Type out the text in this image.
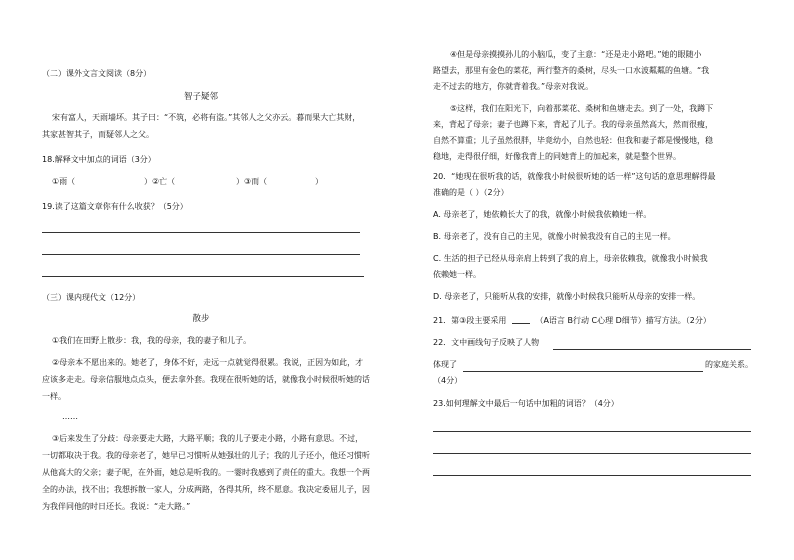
（二）课外文言文阅读（8分）
智子疑邻
宋有富人，天雨墙坏。其子曰：“不筑，必将有盗。”其邻人之父亦云。暮而果大亡其财，
其家甚智其子，而疑邻人之父。
18.解释文中加点的词语（3分）
①雨（	）②亡（	）③而（	）
19.读了这篇文章你有什么收获？（5分）
（三）课内现代文（12分）
散步
①我们在田野上散步：我，我的母亲，我的妻子和儿子。
②母亲本不愿出来的。她老了，身体不好，走远一点就觉得很累。我说，正因为如此，才
应该多走走。母亲信服地点点头，便去拿外套。我现在很听她的话，就像我小时候很听她的话
一样。
……
③后来发生了分歧：母亲要走大路，大路平顺；我的儿子要走小路，小路有意思。不过，
一切都取决于我。我的母亲老了，她早已习惯听从她强壮的儿子；我的儿子还小，他还习惯听
从他高大的父亲；妻子呢，在外面，她总是听我的。一霎时我感到了责任的重大。我想一个两
全的办法，找不出；我想拆散一家人，分成两路，各得其所，终不愿意。我决定委屈儿子，因
为我伴同他的时日还长。我说：“走大路。”
④但是母亲摸摸孙儿的小脑瓜，变了主意：“还是走小路吧。”她的眼随小
路望去，那里有金色的菜花，两行整齐的桑树，尽头一口水波粼粼的鱼塘。“我
走不过去的地方，你就背着我。”母亲对我说。
⑤这样，我们在阳光下，向着那菜花、桑树和鱼塘走去。到了一处，我蹲下
来，背起了母亲；妻子也蹲下来，背起了儿子。我的母亲虽然高大，然而很瘦，
自然不算重；儿子虽然很胖，毕竟幼小，自然也轻：但我和妻子都是慢慢地，稳
稳地，走得很仔细，好像我背上的同她背上的加起来，就是整个世界。
20．“她现在很听我的话，就像我小时候很听她的话一样”这句话的意思理解得最
准确的是（ ）（2分）
A. 母亲老了，她依赖长大了的我，就像小时候我依赖她一样。
B. 母亲老了，没有自己的主见，就像小时候我没有自己的主见一样。
C. 生活的担子已经从母亲肩上转到了我的肩上，母亲依赖我，就像我小时候我
依赖她一样。
D. 母亲老了，只能听从我的安排，就像小时候我只能听从母亲的安排一样。
21．第③段主要采用	（A语言 B行动 C心理 D细节）描写方法。（2分）
22．文中画线句子反映了人物
体现了	的家庭关系。
（4分）
23.如何理解文中最后一句话中加粗的词语？（4分）
